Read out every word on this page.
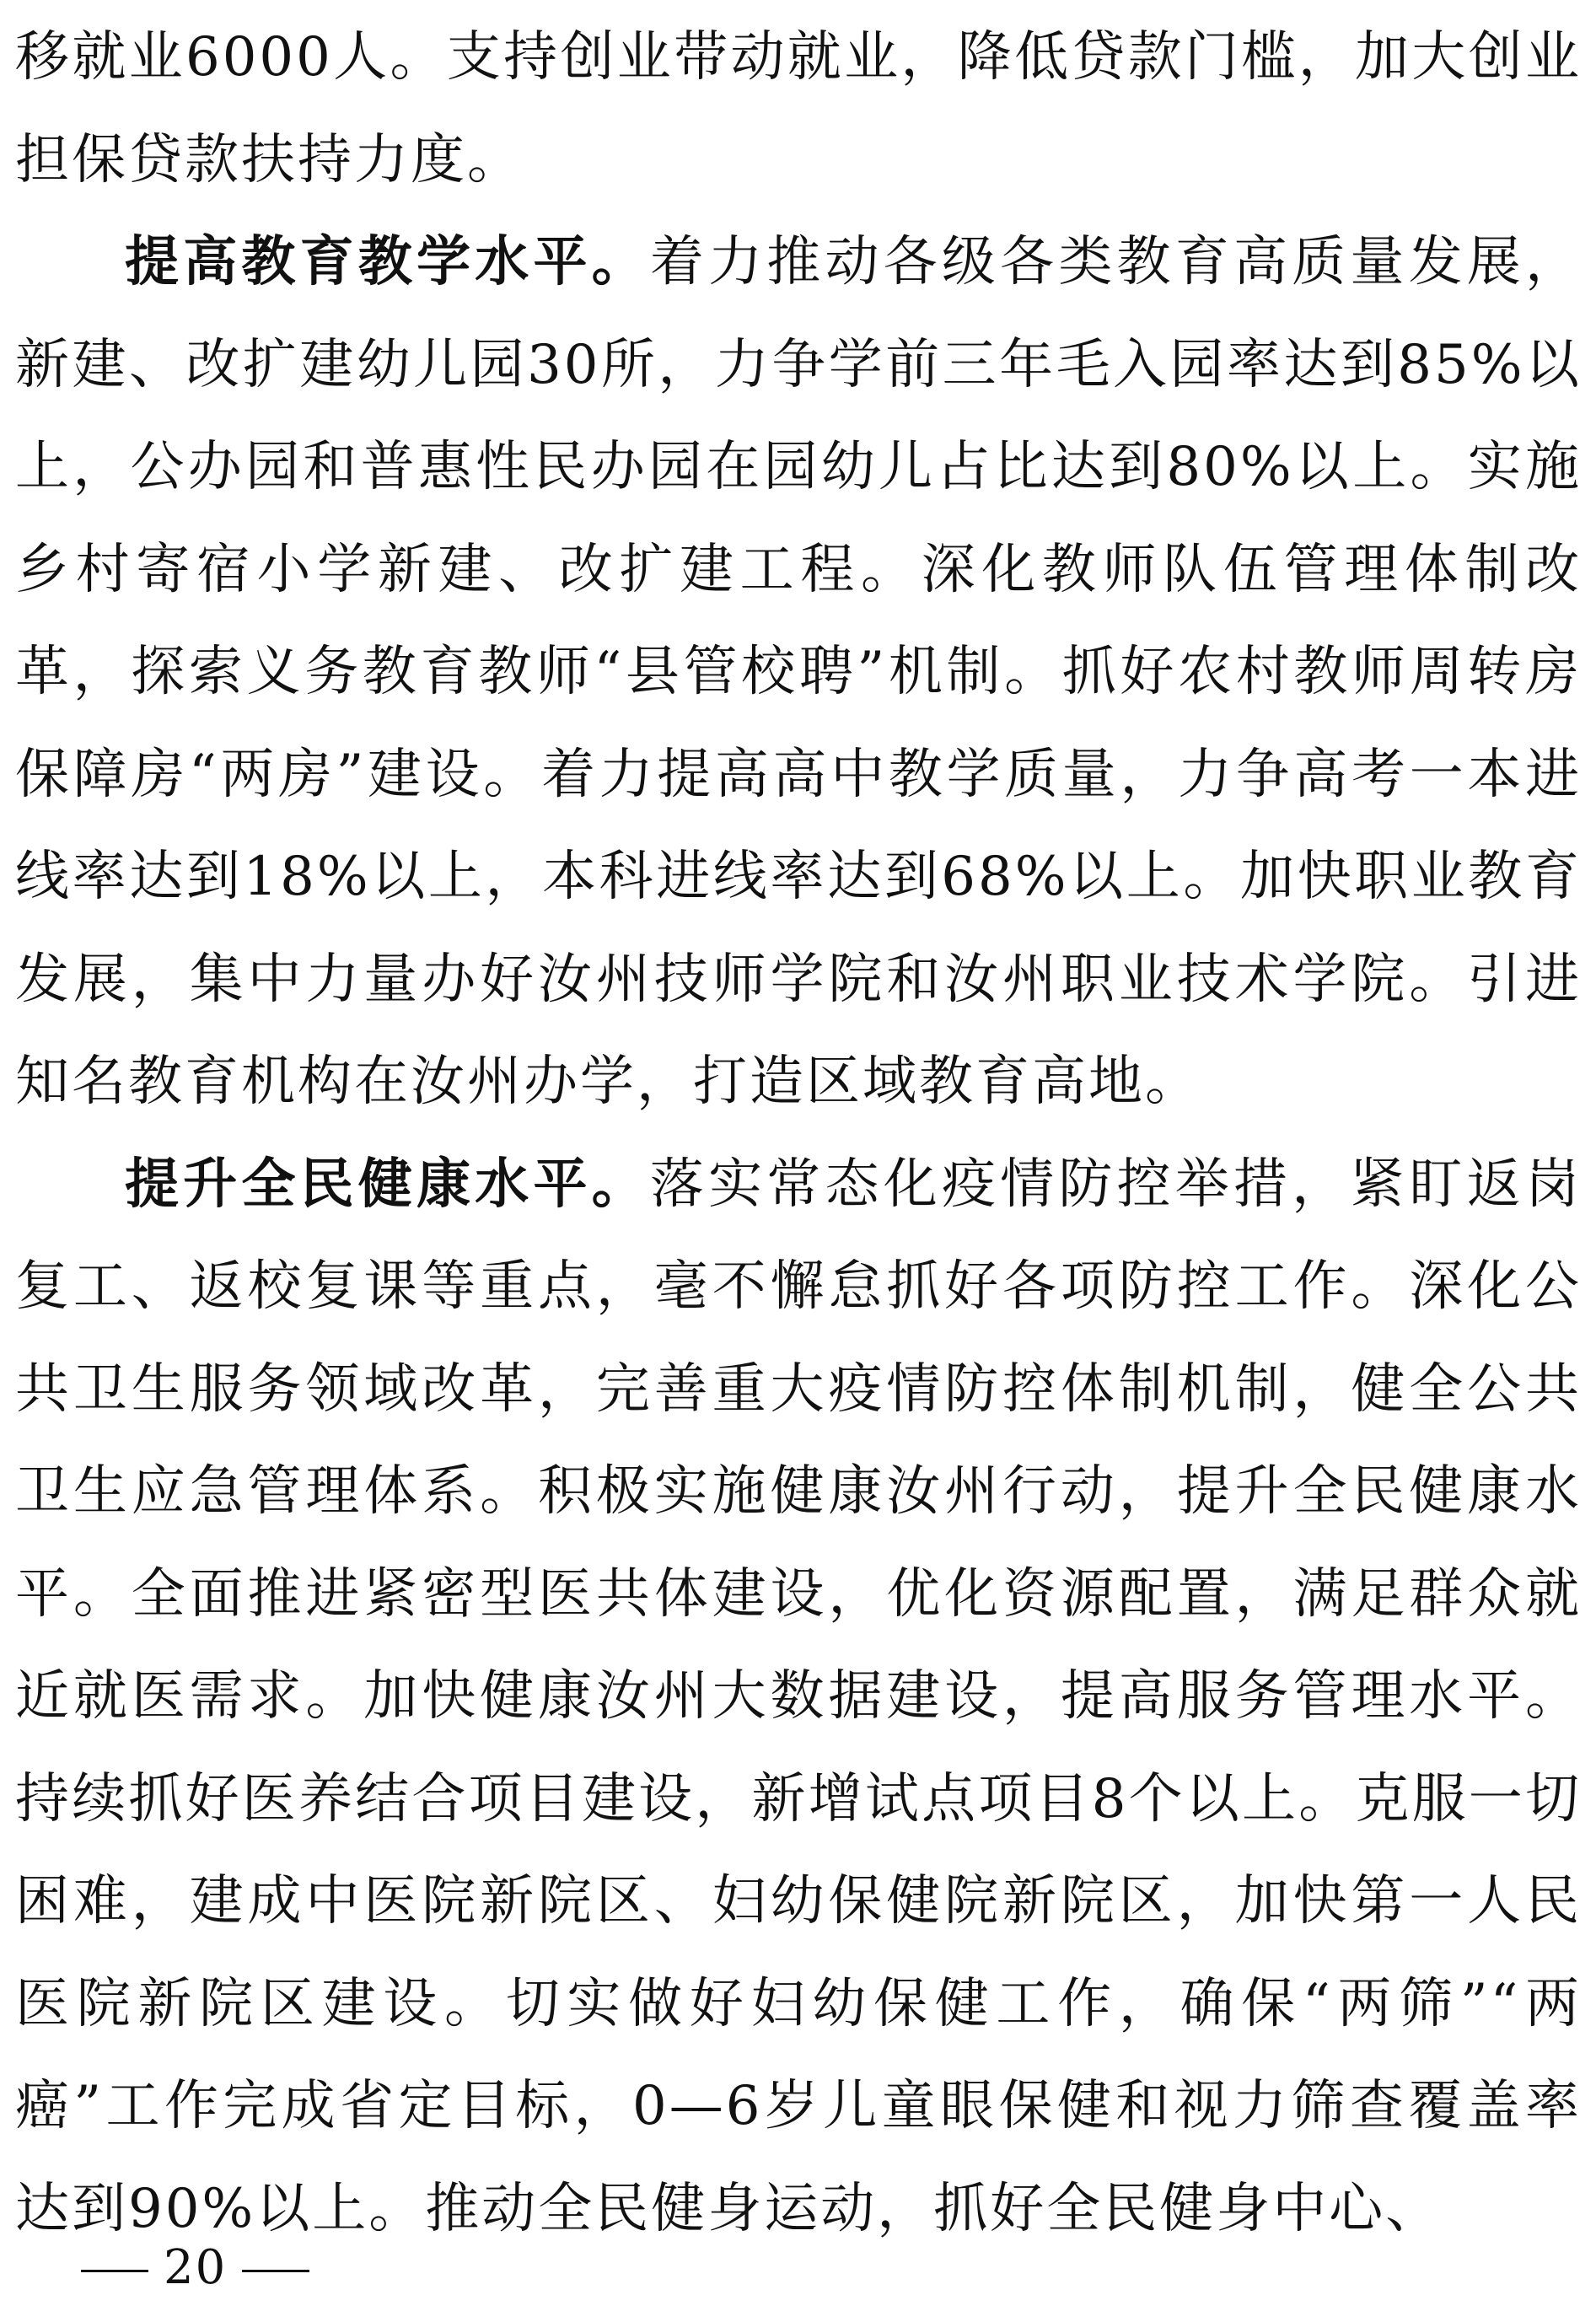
移就业6000人。支持创业带动就业，降低贷款门槛，加大创业担保贷款扶持力度。

提高教育教学水平。着力推动各级各类教育高质量发展，新建、改扩建幼儿园30所，力争学前三年毛入园率达到85%以上，公办园和普惠性民办园在园幼儿占比达到80%以上。实施乡村寄宿小学新建、改扩建工程。深化教师队伍管理体制改革，探索义务教育教师“县管校聘”机制。抓好农村教师周转房保障房“两房”建设。着力提高高中教学质量，力争高考一本进线率达到18%以上，本科进线率达到68%以上。加快职业教育发展，集中力量办好汝州技师学院和汝州职业技术学院。引进知名教育机构在汝州办学，打造区域教育高地。

提升全民健康水平。落实常态化疫情防控举措，紧盯返岗复工、返校复课等重点，毫不懈怠抓好各项防控工作。深化公共卫生服务领域改革，完善重大疫情防控体制机制，健全公共卫生应急管理体系。积极实施健康汝州行动，提升全民健康水平。全面推进紧密型医共体建设，优化资源配置，满足群众就近就医需求。加快健康汝州大数据建设，提高服务管理水平。持续抓好医养结合项目建设，新增试点项目8个以上。克服一切困难，建成中医院新院区、妇幼保健院新院区，加快第一人民医院新院区建设。切实做好妇幼保健工作，确保“两筛”“两癌”工作完成省定目标，0—6岁儿童眼保健和视力筛查覆盖率达到90%以上。推动全民健身运动，抓好全民健身中心、

20
